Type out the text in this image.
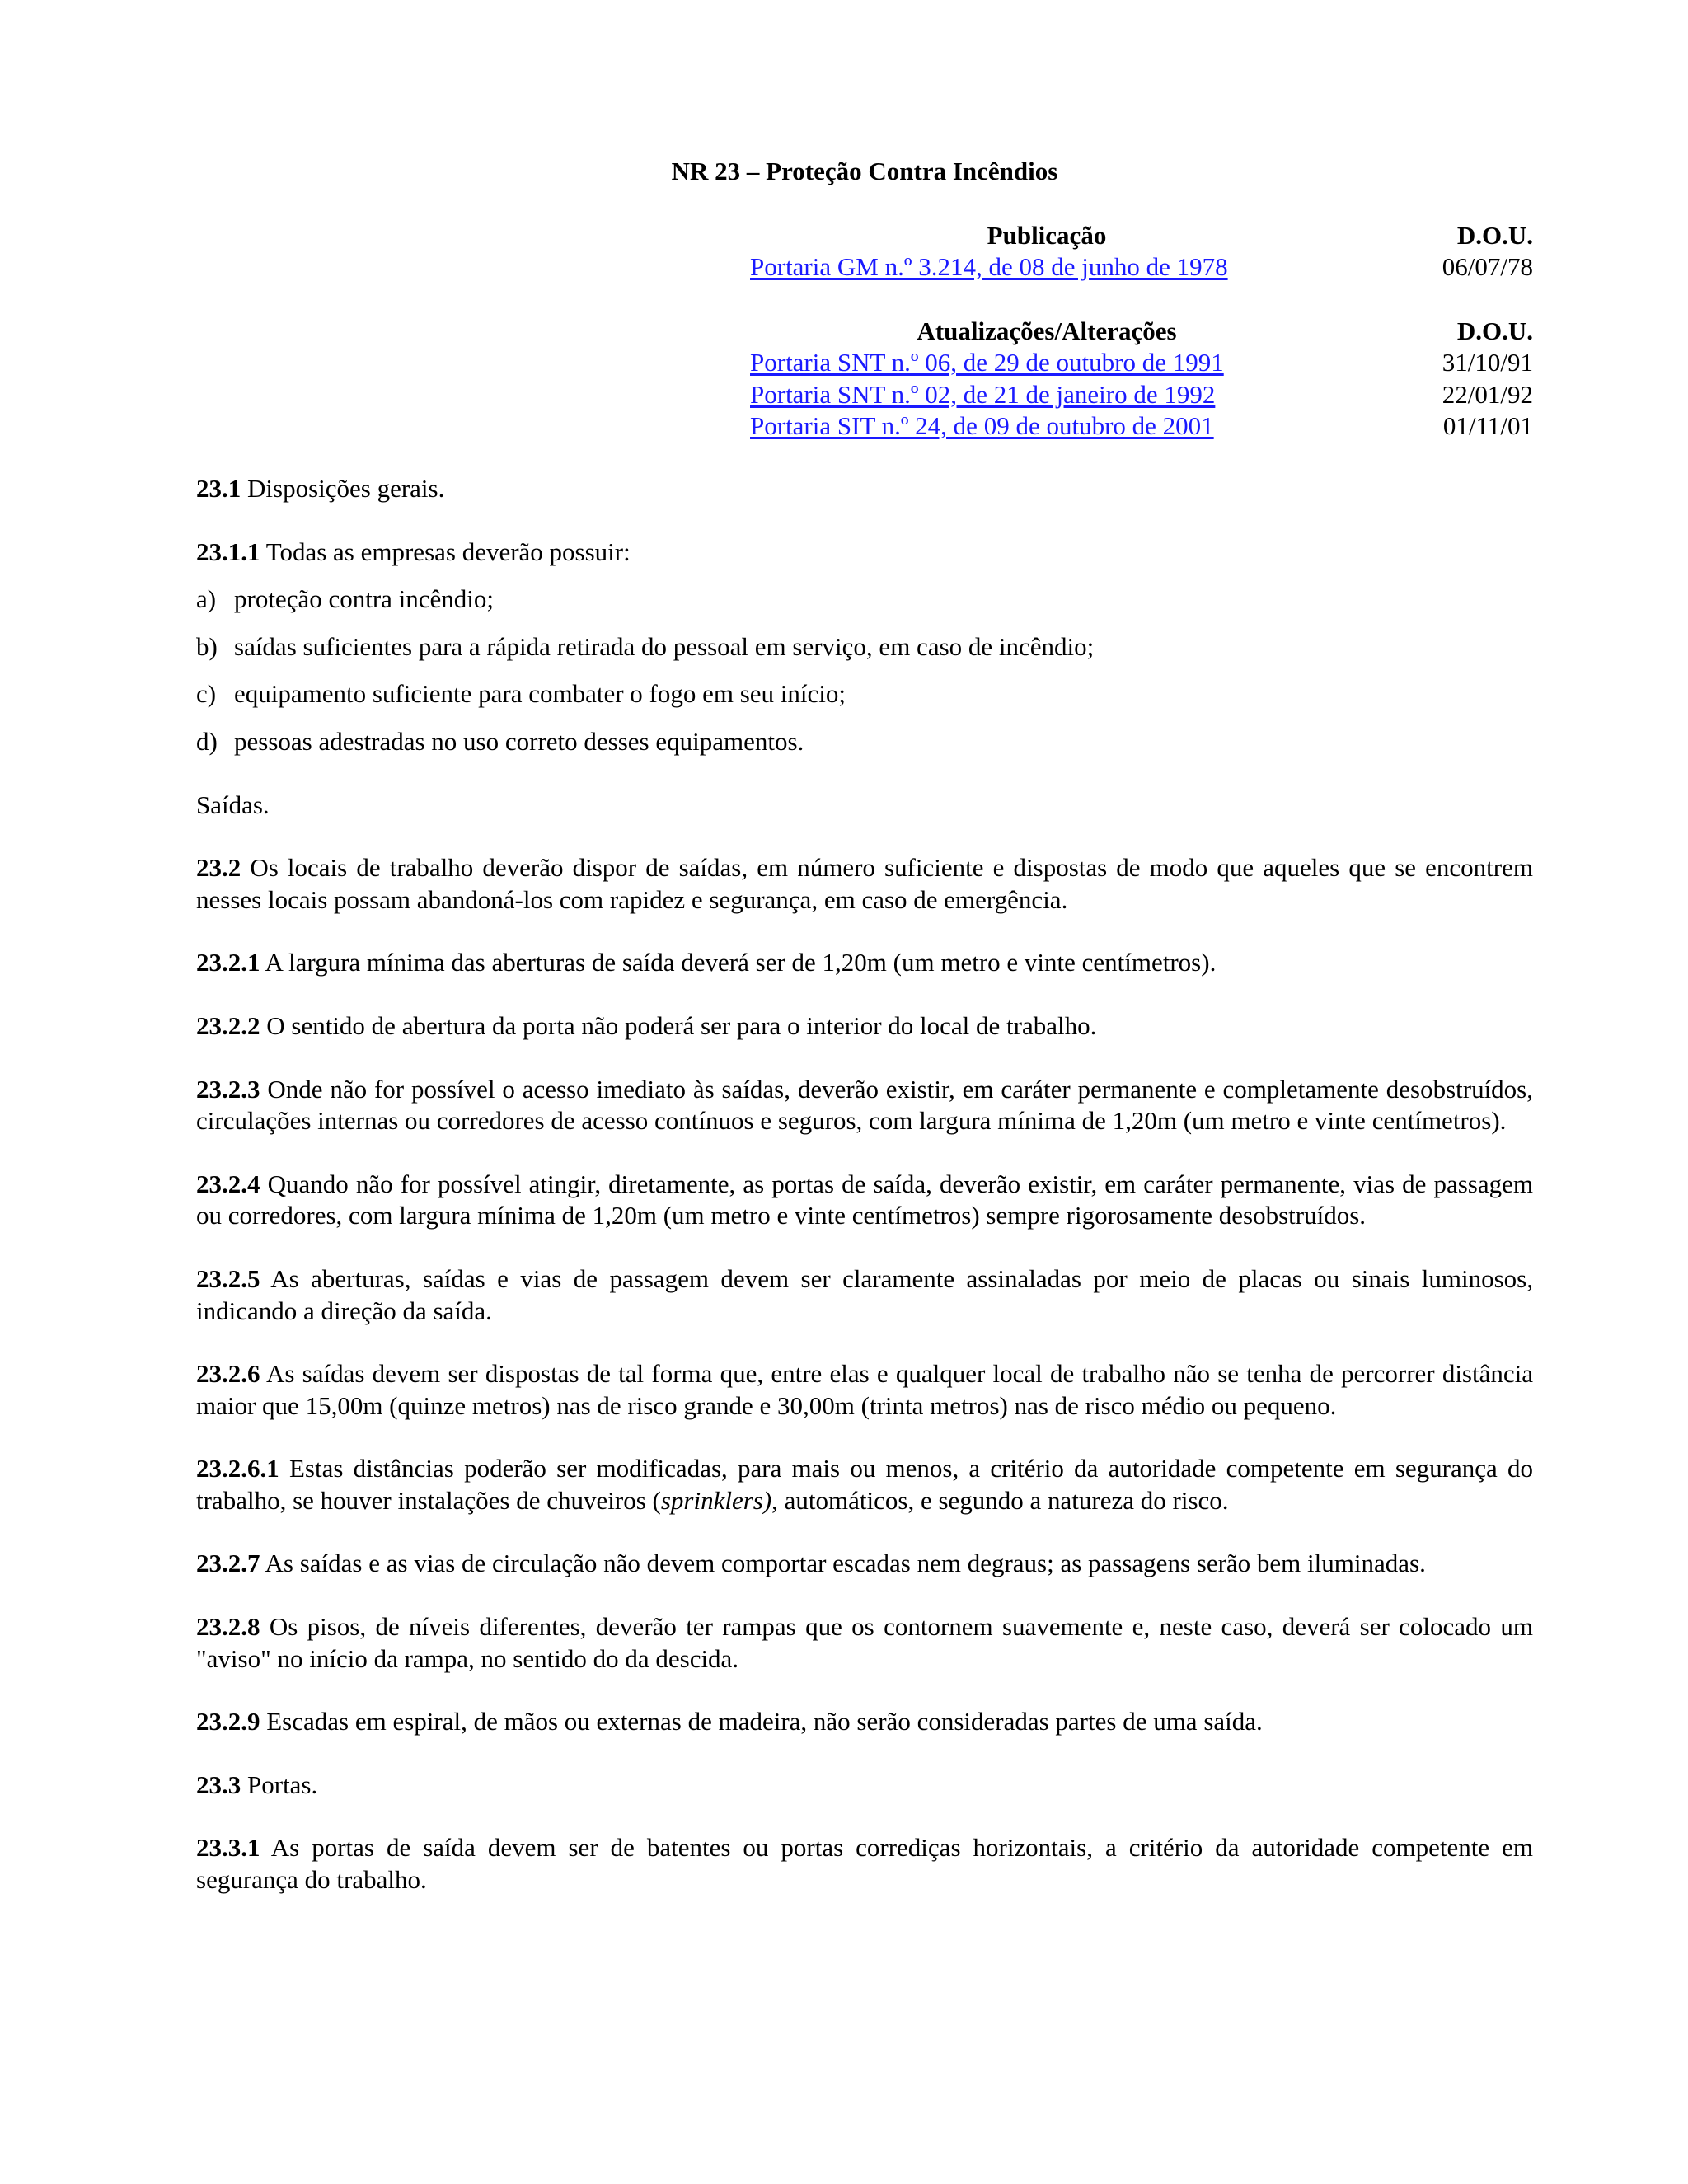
NR 23 – Proteção Contra Incêndios
Publicação	D.O.U.
Portaria GM n.º 3.214, de 08 de junho de 1978	06/07/78
Atualizações/Alterações	D.O.U.
Portaria SNT n.º 06, de 29 de outubro de 1991	31/10/91
Portaria SNT n.º 02, de 21 de janeiro de 1992	22/01/92
Portaria SIT n.º 24, de 09 de outubro de 2001	01/11/01

23.1 Disposições gerais.

23.1.1 Todas as empresas deverão possuir:

a) proteção contra incêndio;
b) saídas suficientes para a rápida retirada do pessoal em serviço, em caso de incêndio;
c) equipamento suficiente para combater o fogo em seu início;
d) pessoas adestradas no uso correto desses equipamentos.

Saídas.

23.2 Os locais de trabalho deverão dispor de saídas, em número suficiente e dispostas de modo que aqueles que se encontrem nesses locais possam abandoná-los com rapidez e segurança, em caso de emergência.

23.2.1 A largura mínima das aberturas de saída deverá ser de 1,20m (um metro e vinte centímetros).

23.2.2 O sentido de abertura da porta não poderá ser para o interior do local de trabalho.

23.2.3 Onde não for possível o acesso imediato às saídas, deverão existir, em caráter permanente e completamente desobstruídos, circulações internas ou corredores de acesso contínuos e seguros, com largura mínima de 1,20m (um metro e vinte centímetros).

23.2.4 Quando não for possível atingir, diretamente, as portas de saída, deverão existir, em caráter permanente, vias de passagem ou corredores, com largura mínima de 1,20m (um metro e vinte centímetros) sempre rigorosamente desobstruídos.

23.2.5 As aberturas, saídas e vias de passagem devem ser claramente assinaladas por meio de placas ou sinais luminosos, indicando a direção da saída.

23.2.6 As saídas devem ser dispostas de tal forma que, entre elas e qualquer local de trabalho não se tenha de percorrer distância maior que 15,00m (quinze metros) nas de risco grande e 30,00m (trinta metros) nas de risco médio ou pequeno.

23.2.6.1 Estas distâncias poderão ser modificadas, para mais ou menos, a critério da autoridade competente em segurança do trabalho, se houver instalações de chuveiros (sprinklers), automáticos, e segundo a natureza do risco.

23.2.7 As saídas e as vias de circulação não devem comportar escadas nem degraus; as passagens serão bem iluminadas.

23.2.8 Os pisos, de níveis diferentes, deverão ter rampas que os contornem suavemente e, neste caso, deverá ser colocado um "aviso" no início da rampa, no sentido do da descida.

23.2.9 Escadas em espiral, de mãos ou externas de madeira, não serão consideradas partes de uma saída.

23.3 Portas.

23.3.1 As portas de saída devem ser de batentes ou portas corrediças horizontais, a critério da autoridade competente em segurança do trabalho.
